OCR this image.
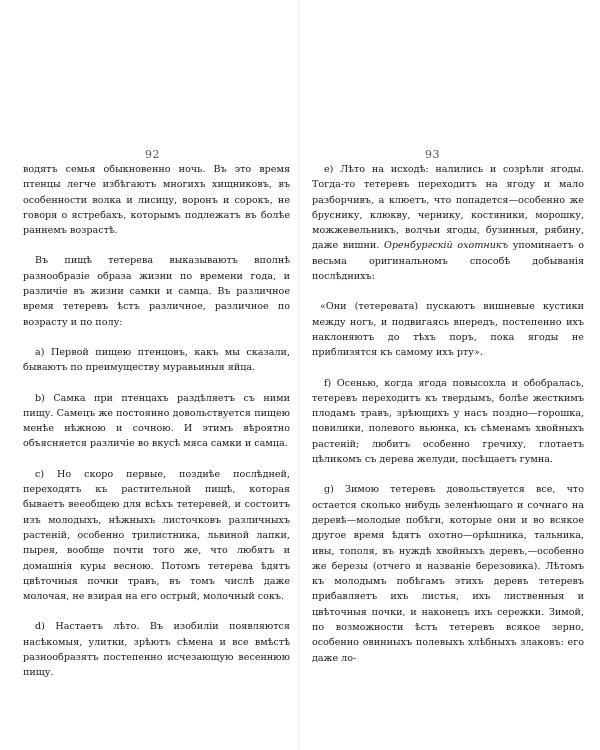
92	93

водятъ семья обыкновенно ночь. Въ это время птенцы легче избѣгаютъ многихъ хищниковъ, въ особенности волка и лисицу, воронъ и сорокъ, не говоря о ястребахъ, которымъ подлежатъ въ болѣе раннемъ возрастѣ.

Въ пищѣ тетерева выказываютъ вполнѣ разнообразіе образа жизни по времени года, и различіе въ жизни самки и самца. Въ различное время тетеревъ ѣстъ различное, различное по возрасту и по полу:

a) Первой пищею птенцовъ, какъ мы сказали, бываютъ по преимуществу муравьиныя яйца.

b) Самка при птенцахъ раздѣляетъ съ ними пищу. Самецъ же постоянно довольствуется пищею менѣе нѣжною и сочною. И этимъ вѣроятно объясняется различіе во вкусѣ мяса самки и самца.

c) Но скоро первые, позднѣе послѣдней, переходятъ къ растительной пищѣ, которая бываетъ вееобщею для всѣхъ тетеревей, и состоитъ изъ молодыхъ, нѣжныхъ листочковъ различныхъ растеній, особенно трилистника, львиной лапки, пырея, вообще почти того же, что любятъ и домашнія куры весною. Потомъ тетерева ѣдятъ цвѣточныя почки травъ, въ томъ числѣ даже молочая, не взирая на его острый, молочный сокъ.

d) Настаетъ лѣто. Въ изобиліи появляются насѣкомыя, улитки, зрѣютъ сѣмена и все вмѣстѣ разнообразятъ постепенно исчезающую весеннюю пищу.

e) Лѣто на исходѣ: налились и созрѣли ягоды. Тогда-то тетеревъ переходитъ на ягоду и мало разборчивъ, а клюетъ, что попадется—особенно же бруснику, клюкву, чернику, костяники, морошку, можжевельникъ, волчьи ягоды, бузинныя, рябину, даже вишни. Оренбургскій охотникъ упоминаетъ о весьма оригинальномъ способѣ добыванія послѣднихъ:

«Они (тетеревата) пускаютъ вишневые кустики между ногъ, и подвигаясь впередъ, постепенно ихъ наклоняютъ до тѣхъ поръ, пока ягоды не приблизятся къ самому ихъ рту».

f) Осенью, когда ягода повысохла и обобралась, тетеревъ переходитъ къ твердымъ, болѣе жесткимъ плодамъ травъ, зрѣющихъ у насъ поздно—горошка, повилики, полевого вьюнка, къ сѣменамъ хвойныхъ растеній; любитъ особенно гречиху, глотаетъ цѣликомъ съ дерева желуди, посѣщаетъ гумна.

g) Зимою тетеревъ довольствуется все, что остается сколько нибудь зеленѣющаго и сочнаго на деревѣ—молодые побѣги, которые они и во всякое другое время ѣдятъ охотно—орѣшника, тальника, ивы, тополя, въ нуждѣ хвойныхъ деревъ,—особенно же березы (отчего и названіе березовика). Лѣтомъ къ молодымъ побѣгамъ этихъ деревъ тетеревъ прибавляетъ ихъ листья, ихъ лиственныя и цвѣточныя почки, и наконецъ ихъ сережки. Зимой, по возможности ѣстъ тетеревъ всякое зерно, особенно овинныхъ полевыхъ хлѣбныхъ злаковъ: его даже ло-
